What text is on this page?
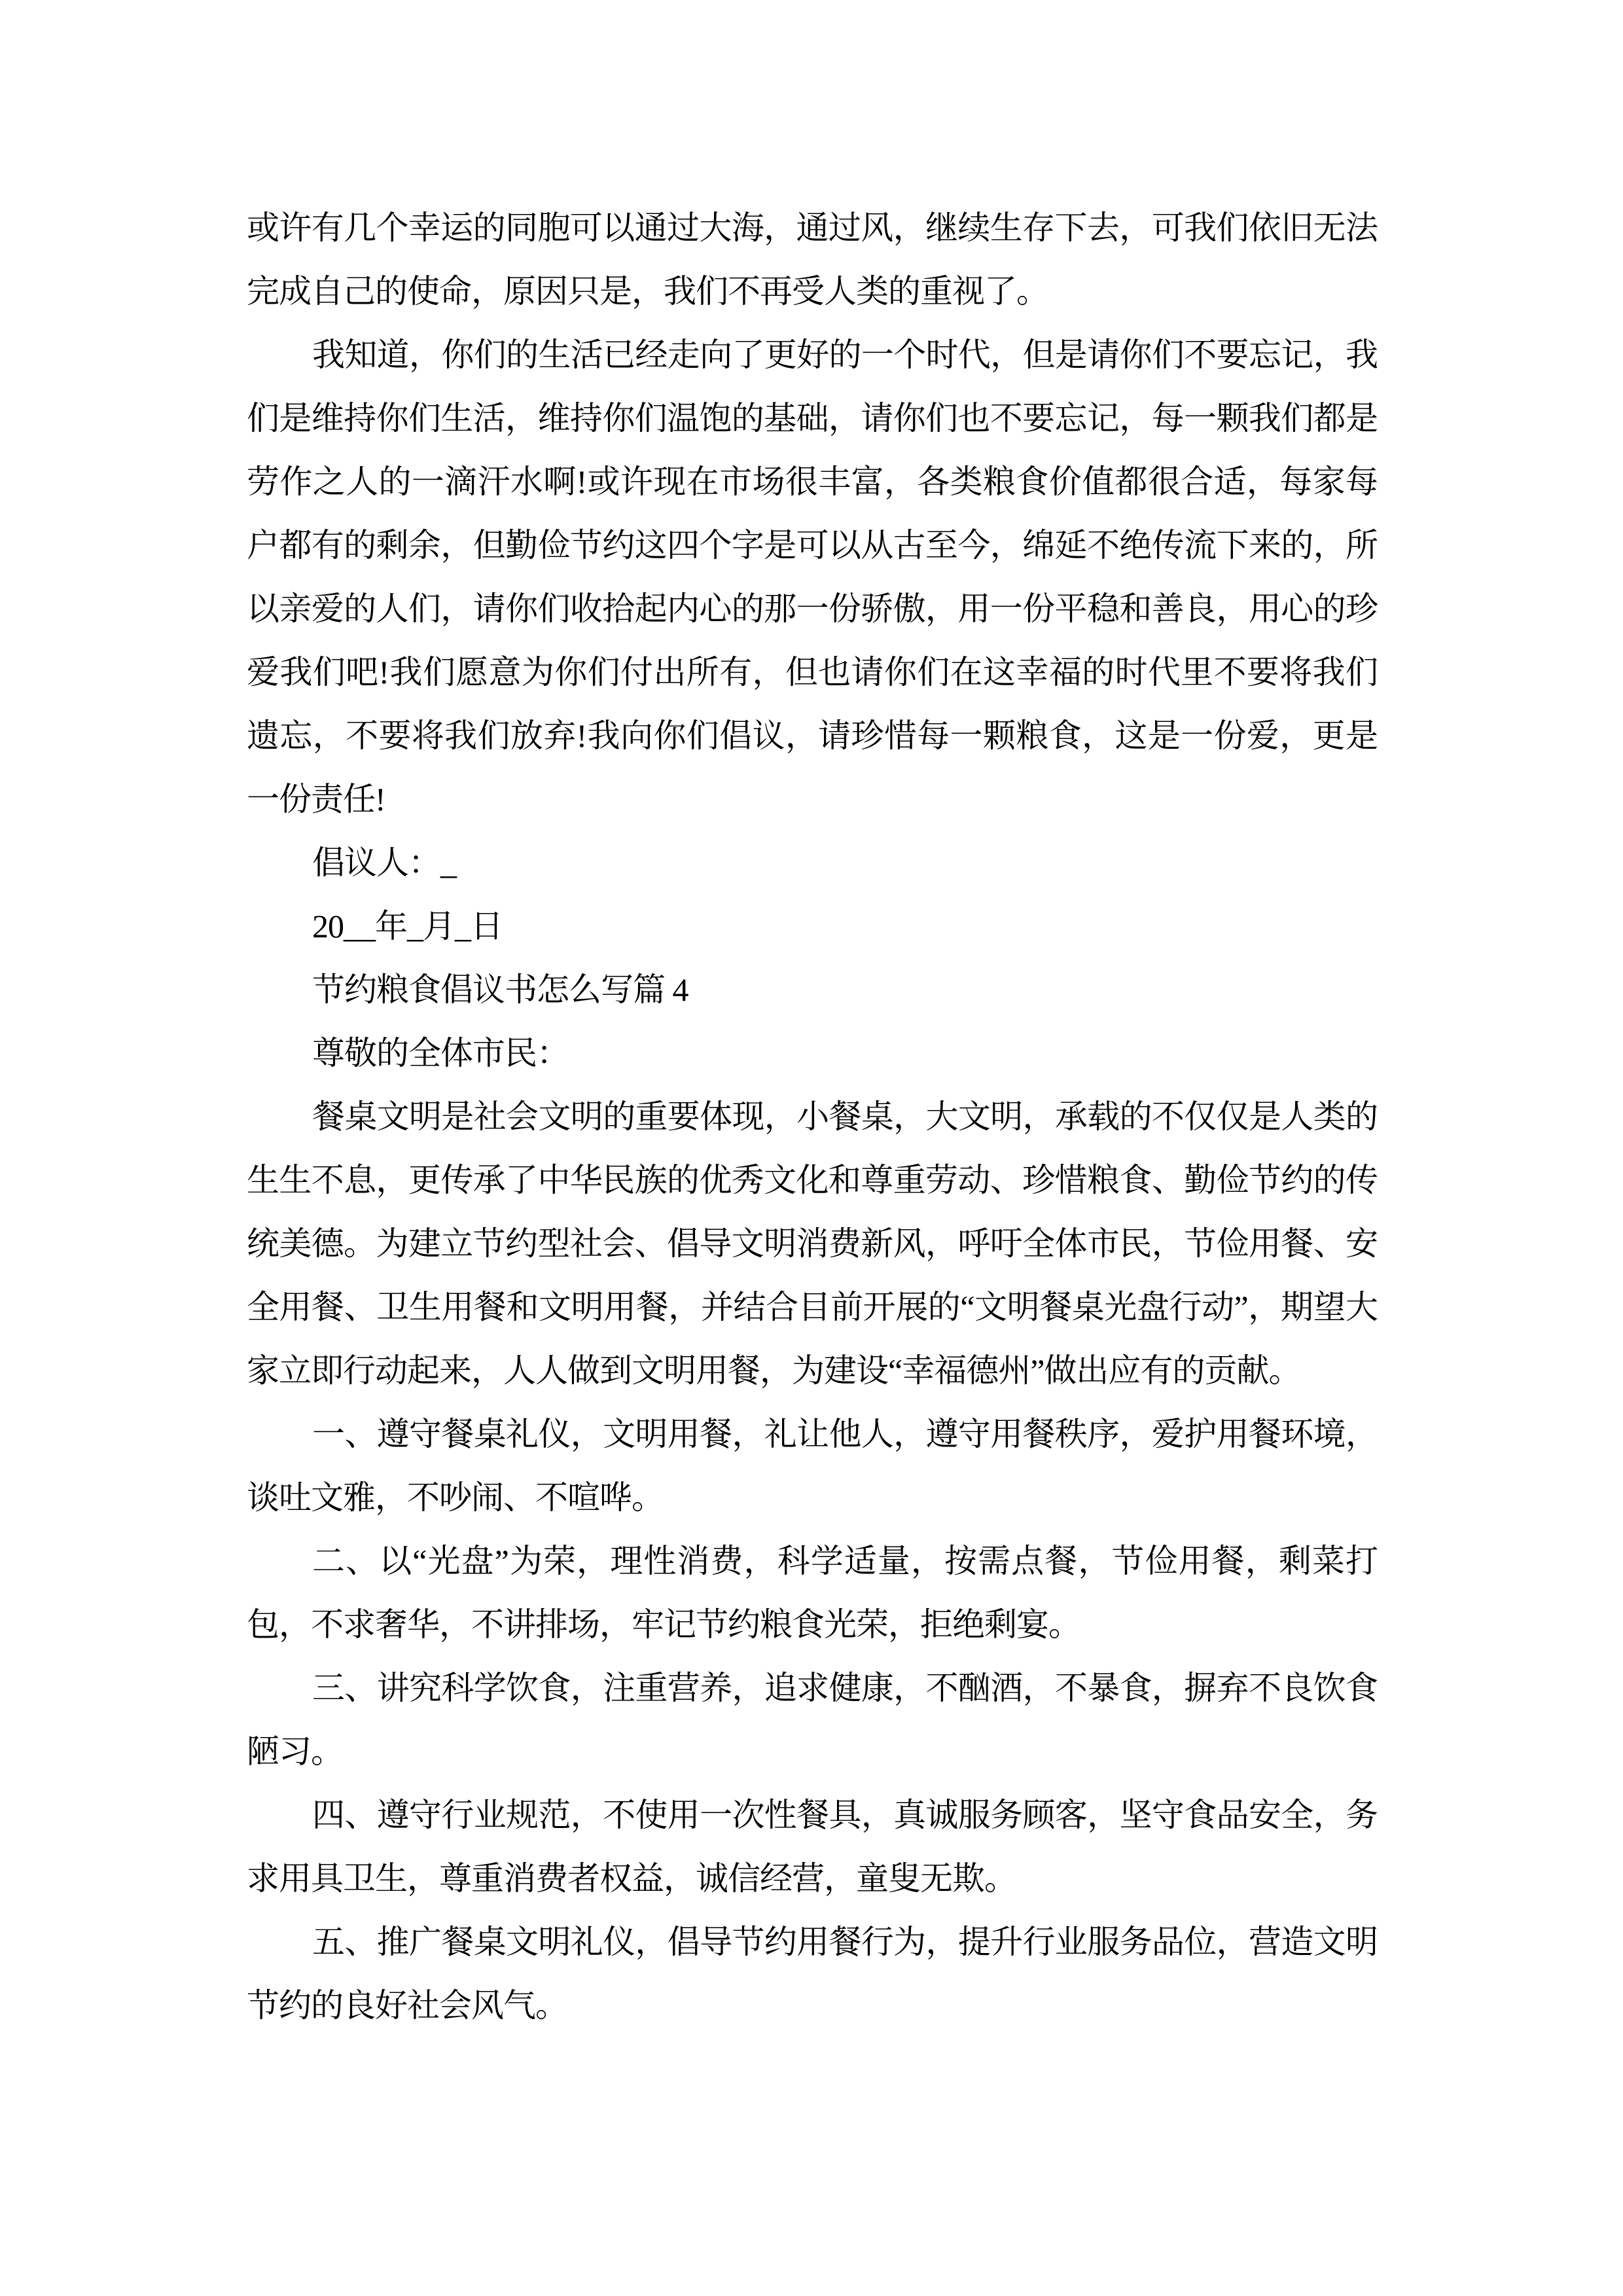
或许有几个幸运的同胞可以通过大海，通过风，继续生存下去，可我们依旧无法完成自己的使命，原因只是，我们不再受人类的重视了。

我知道，你们的生活已经走向了更好的一个时代，但是请你们不要忘记，我们是维持你们生活，维持你们温饱的基础，请你们也不要忘记，每一颗我们都是劳作之人的一滴汗水啊!或许现在市场很丰富，各类粮食价值都很合适，每家每户都有的剩余，但勤俭节约这四个字是可以从古至今，绵延不绝传流下来的，所以亲爱的人们，请你们收拾起内心的那一份骄傲，用一份平稳和善良，用心的珍爱我们吧!我们愿意为你们付出所有，但也请你们在这幸福的时代里不要将我们遗忘，不要将我们放弃!我向你们倡议，请珍惜每一颗粮食，这是一份爱，更是一份责任!

倡议人：_

20__年_月_日

节约粮食倡议书怎么写篇 4

尊敬的全体市民：

餐桌文明是社会文明的重要体现，小餐桌，大文明，承载的不仅仅是人类的生生不息，更传承了中华民族的优秀文化和尊重劳动、珍惜粮食、勤俭节约的传统美德。为建立节约型社会、倡导文明消费新风，呼吁全体市民，节俭用餐、安全用餐、卫生用餐和文明用餐，并结合目前开展的“文明餐桌光盘行动”，期望大家立即行动起来，人人做到文明用餐，为建设“幸福德州”做出应有的贡献。

一、遵守餐桌礼仪，文明用餐，礼让他人，遵守用餐秩序，爱护用餐环境，谈吐文雅，不吵闹、不喧哗。

二、以“光盘”为荣，理性消费，科学适量，按需点餐，节俭用餐，剩菜打包，不求奢华，不讲排场，牢记节约粮食光荣，拒绝剩宴。

三、讲究科学饮食，注重营养，追求健康，不酗酒，不暴食，摒弃不良饮食陋习。

四、遵守行业规范，不使用一次性餐具，真诚服务顾客，坚守食品安全，务求用具卫生，尊重消费者权益，诚信经营，童叟无欺。

五、推广餐桌文明礼仪，倡导节约用餐行为，提升行业服务品位，营造文明节约的良好社会风气。
